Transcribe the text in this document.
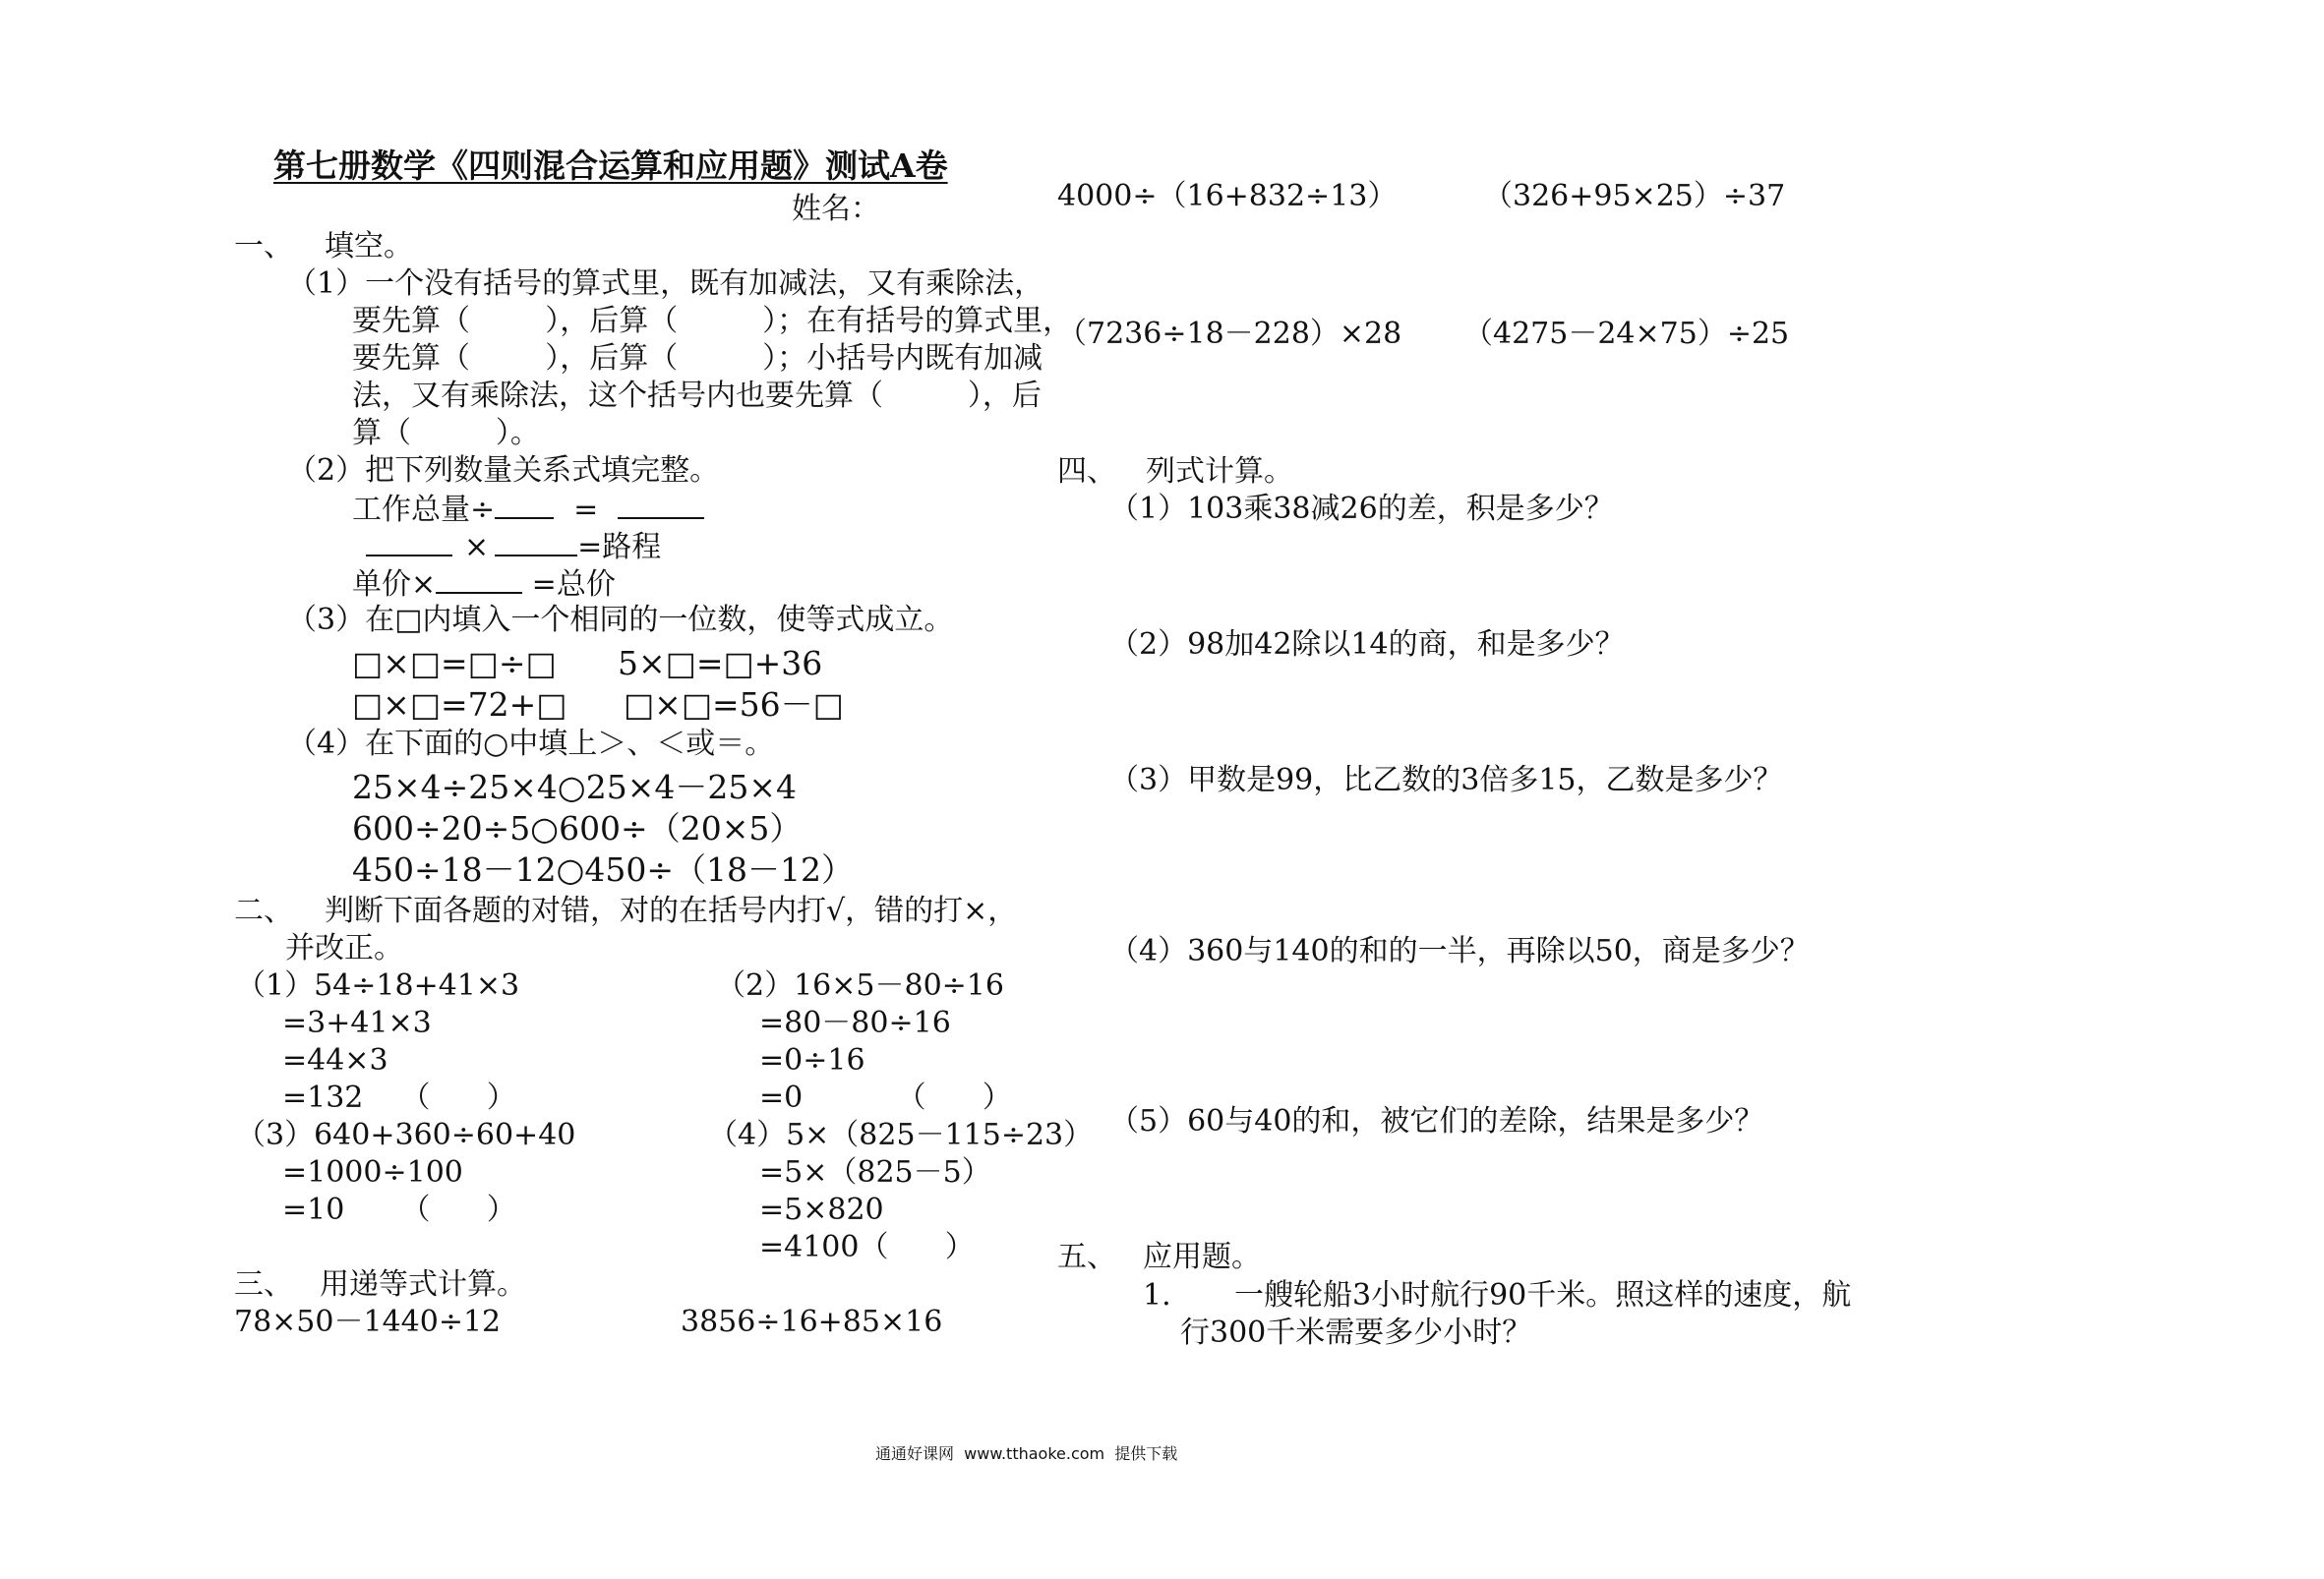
第七册数学《四则混合运算和应用题》测试A卷
姓名：
一、 填空。
（1）一个没有括号的算式里，既有加减法，又有乘除法，
要先算（        ），后算（         ）；在有括号的算式里，
要先算（        ），后算（         ）；小括号内既有加减
法，又有乘除法，这个括号内也要先算（         ），后
算（         ）。
（2）把下列数量关系式填完整。
工作总量÷	=
×	=路程
单价×	=总价
（3）在□内填入一个相同的一位数，使等式成立。
□×□=□÷□ 5×□=□+36
□×□=72+□ □×□=56－□
（4）在下面的○中填上＞、＜或＝。
25×4÷25×4○25×4－25×4
600÷20÷5○600÷（20×5）
450÷18－12○450÷（18－12）
二、 判断下面各题的对错，对的在括号内打√，错的打×，
并改正。
（1）54÷18+41×3
=3+41×3
=44×3
=132    （      ）
（2）16×5－80÷16
=80－80÷16
=0÷16
=0          （      ）
（3）640+360÷60+40
=1000÷100
=10      （      ）
（4）5×（825－115÷23）
=5×（825－5）
=5×820
=4100（      ）
三、 用递等式计算。
78×50－1440÷12	3856÷16+85×16
4000÷（16+832÷13）	（326+95×25）÷37
（7236÷18－228）×28 （4275－24×75）÷25
四、 列式计算。
（1）103乘38减26的差，积是多少？
（2）98加42除以14的商，和是多少？
（3）甲数是99，比乙数的3倍多15，乙数是多少？
（4）360与140的和的一半，再除以50，商是多少？
（5）60与40的和，被它们的差除，结果是多少？
五、 应用题。
1. 一艘轮船3小时航行90千米。照这样的速度，航
行300千米需要多少小时？
通通好课网  www.tthaoke.com  提供下载
